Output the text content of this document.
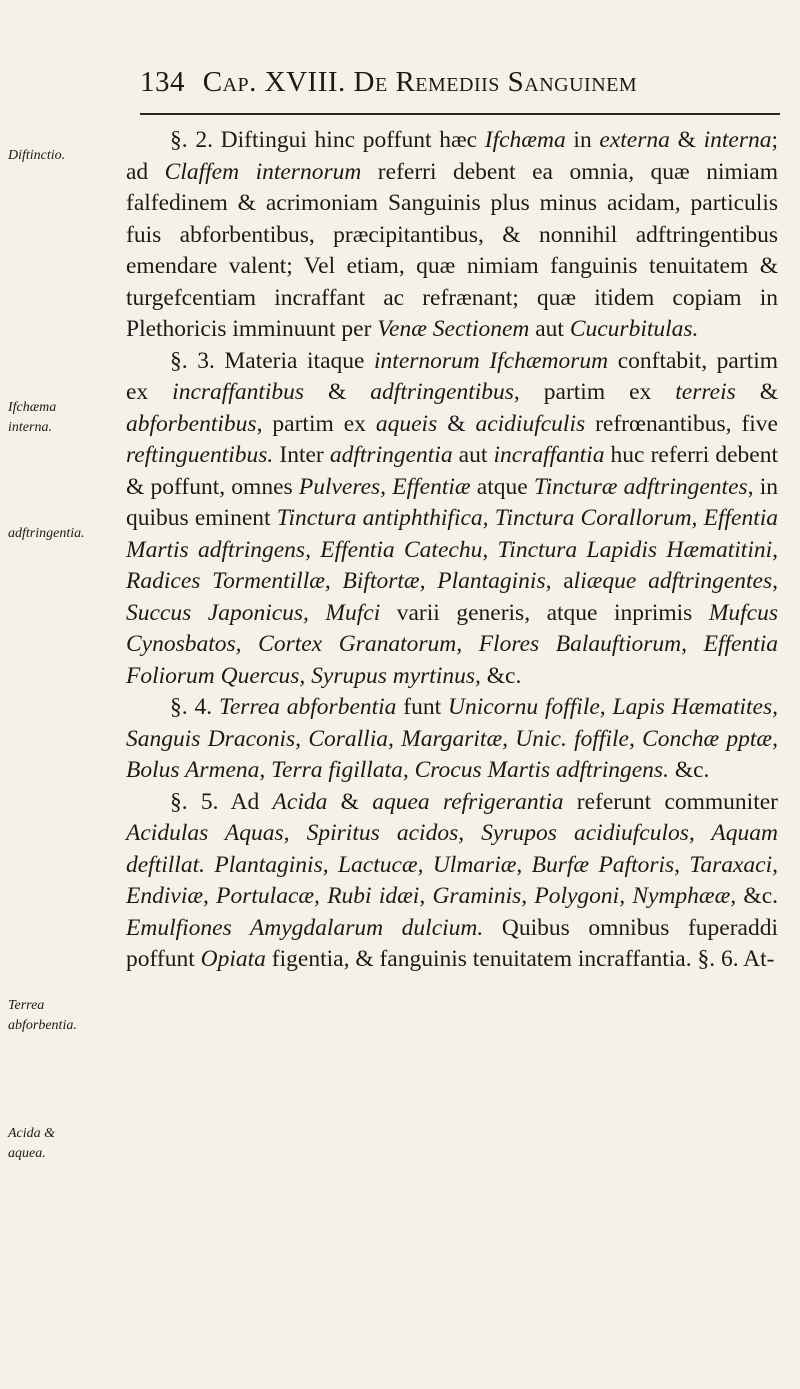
134 Cap. XVIII. De Remediis Sanguinem
Diftinctio.
Ifchæma interna.
adftringentia.
Terrea abforbentia.
Acida & aquea.

§. 2. Diftingui hinc poffunt hæc Ifchæma in externa & interna; ad Claffem internorum referri debent ea omnia, quæ nimiam falfedinem & acrimoniam Sanguinis plus minus acidam, particulis fuis abforbentibus, præcipitantibus, & nonnihil adftringentibus emendare valent; Vel etiam, quæ nimiam fanguinis tenuitatem & turgefcentiam incraffant ac refrænant; quæ itidem copiam in Plethoricis imminuunt per Venæ Sectionem aut Cucurbitulas.

§. 3. Materia itaque internorum Ifchæmorum conftabit, partim ex incraffantibus & adftringentibus, partim ex terreis & abforbentibus, partim ex aqueis & acidiufculis refrœnantibus, five reftinguentibus. Inter adftringentia aut incraffantia huc referri debent & poffunt, omnes Pulveres, Effentiæ atque Tincturæ adftringentes, in quibus eminent Tinctura antiphthifica, Tinctura Corallorum, Effentia Martis adftringens, Effentia Catechu, Tinctura Lapidis Hæmatitini, Radices Tormentillæ, Biftortæ, Plantaginis, aliæque adftringentes, Succus Japonicus, Mufci varii generis, atque inprimis Mufcus Cynosbatos, Cortex Granatorum, Flores Balauftiorum, Effentia Foliorum Quercus, Syrupus myrtinus, &c.

§. 4. Terrea abforbentia funt Unicornu foffile, Lapis Hæmatites, Sanguis Draconis, Corallia, Margaritæ, Unic. foffile, Conchæ pptæ, Bolus Armena, Terra figillata, Crocus Martis adftringens. &c.

§. 5. Ad Acida & aquea refrigerantia referunt communiter Acidulas Aquas, Spiritus acidos, Syrupos acidiufculos, Aquam deftillat. Plantaginis, Lactucæ, Ulmariæ, Burfæ Paftoris, Taraxaci, Endiviæ, Portulacæ, Rubi idæi, Graminis, Polygoni, Nymphææ, &c. Emulfiones Amygdalarum dulcium. Quibus omnibus fuperaddi poffunt Opiata figentia, & fanguinis tenuitatem incraffantia. §. 6. At-
